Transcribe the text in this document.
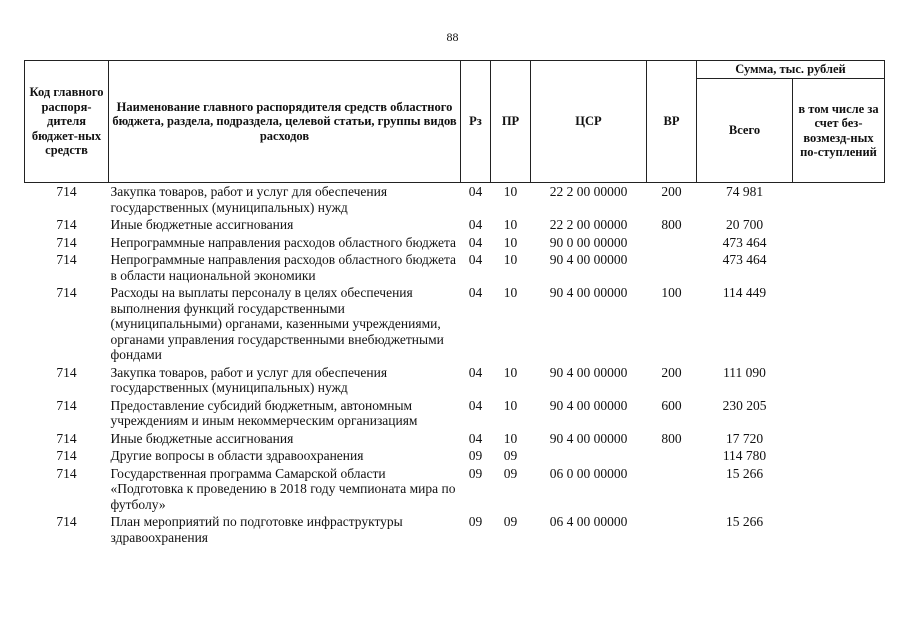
88
Код главного распоря-дителя бюджет-ных средств	Наименование главного распорядителя средств областного бюджета, раздела, подраздела, целевой статьи, группы видов расходов	Рз	ПР	ЦСР	ВР	Сумма, тыс. рублей	
						Всего	в том числе за счет без-возмезд-ных по-ступлений
714	Закупка товаров, работ и услуг для обеспечения государственных (муниципальных) нужд	04	10	22 2 00 00000	200	74 981	
714	Иные бюджетные ассигнования	04	10	22 2 00 00000	800	20 700	
714	Непрограммные направления расходов областного бюджета	04	10	90 0 00 00000		473 464	
714	Непрограммные направления расходов областного бюджета в области национальной экономики	04	10	90 4 00 00000		473 464	
714	Расходы на выплаты персоналу в целях обеспечения выполнения функций государственными (муниципальными) органами, казенными учреждениями, органами управления государственными внебюджетными фондами	04	10	90 4 00 00000	100	114 449	
714	Закупка товаров, работ и услуг для обеспечения государственных (муниципальных) нужд	04	10	90 4 00 00000	200	111 090	
714	Предоставление субсидий бюджетным, автономным учреждениям и иным некоммерческим организациям	04	10	90 4 00 00000	600	230 205	
714	Иные бюджетные ассигнования	04	10	90 4 00 00000	800	17 720	
714	Другие вопросы в области здравоохранения	09	09			114 780	
714	Государственная программа Самарской области «Подготовка к проведению в 2018 году чемпионата мира по футболу»	09	09	06 0 00 00000		15 266	
714	План мероприятий по подготовке инфраструктуры здравоохранения	09	09	06 4 00 00000		15 266	
